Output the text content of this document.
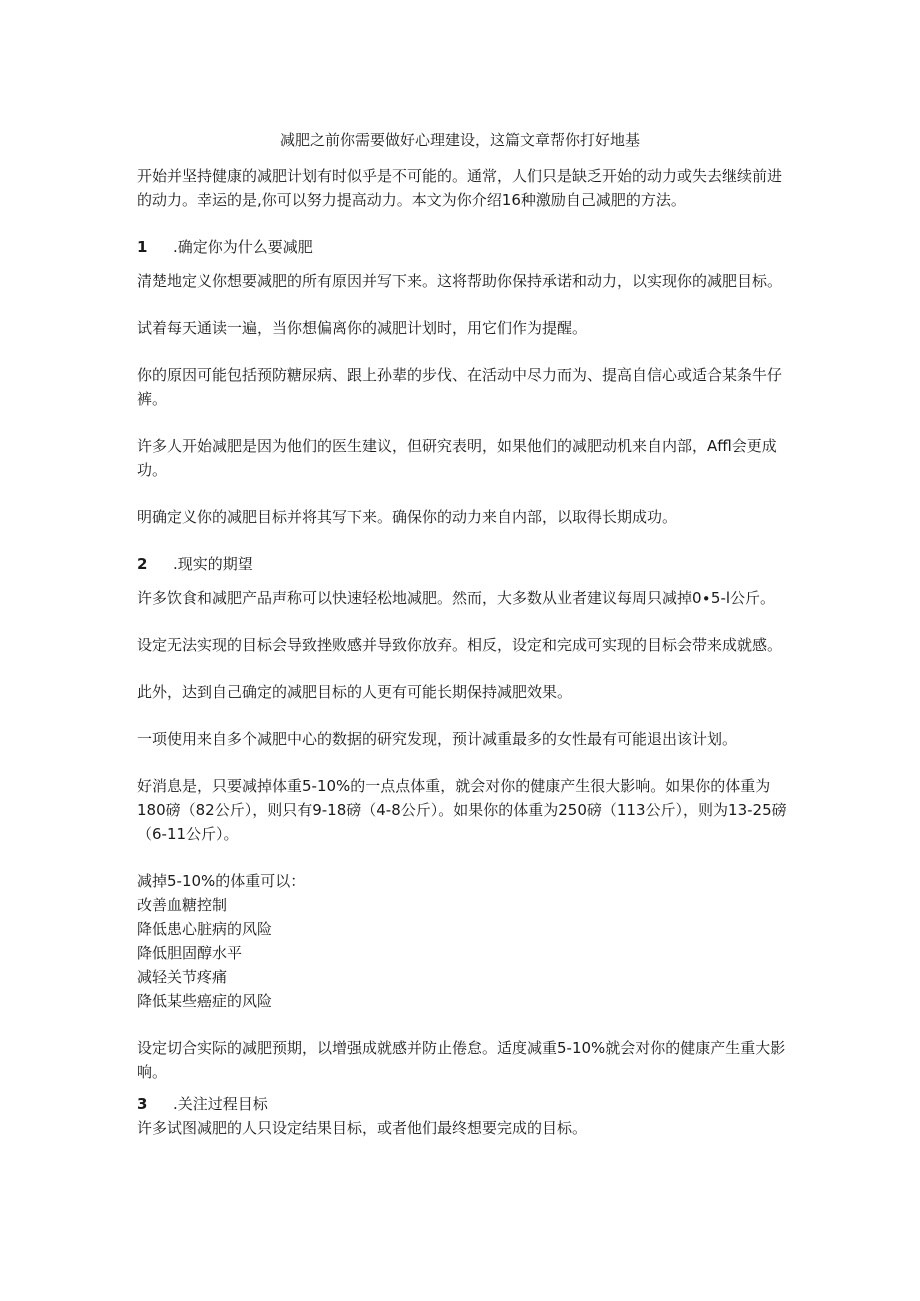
减肥之前你需要做好心理建设，这篇文章帮你打好地基
开始并坚持健康的减肥计划有时似乎是不可能的。通常，人们只是缺乏开始的动力或失去继续前进的动力。幸运的是,你可以努力提高动力。本文为你介绍16种激励自己减肥的方法。
1 .确定你为什么要减肥
清楚地定义你想要减肥的所有原因并写下来。这将帮助你保持承诺和动力，以实现你的减肥目标。
试着每天通读一遍，当你想偏离你的减肥计划时，用它们作为提醒。
你的原因可能包括预防糖尿病、跟上孙辈的步伐、在活动中尽力而为、提高自信心或适合某条牛仔裤。
许多人开始减肥是因为他们的医生建议，但研究表明，如果他们的减肥动机来自内部，Affl会更成功。
明确定义你的减肥目标并将其写下来。确保你的动力来自内部，以取得长期成功。
2 .现实的期望
许多饮食和减肥产品声称可以快速轻松地减肥。然而，大多数从业者建议每周只减掉0∙5-l公斤。
设定无法实现的目标会导致挫败感并导致你放弃。相反，设定和完成可实现的目标会带来成就感。
此外，达到自己确定的减肥目标的人更有可能长期保持减肥效果。
一项使用来自多个减肥中心的数据的研究发现，预计减重最多的女性最有可能退出该计划。
好消息是，只要减掉体重5-10%的一点点体重，就会对你的健康产生很大影响。如果你的体重为180磅（82公斤），则只有9-18磅（4-8公斤）。如果你的体重为250磅（113公斤），则为13-25磅（6-11公斤）。
减掉5-10%的体重可以：
改善血糖控制
降低患心脏病的风险
降低胆固醇水平
减轻关节疼痛
降低某些癌症的风险
设定切合实际的减肥预期，以增强成就感并防止倦怠。适度减重5-10%就会对你的健康产生重大影响。
3 .关注过程目标
许多试图减肥的人只设定结果目标，或者他们最终想要完成的目标。
